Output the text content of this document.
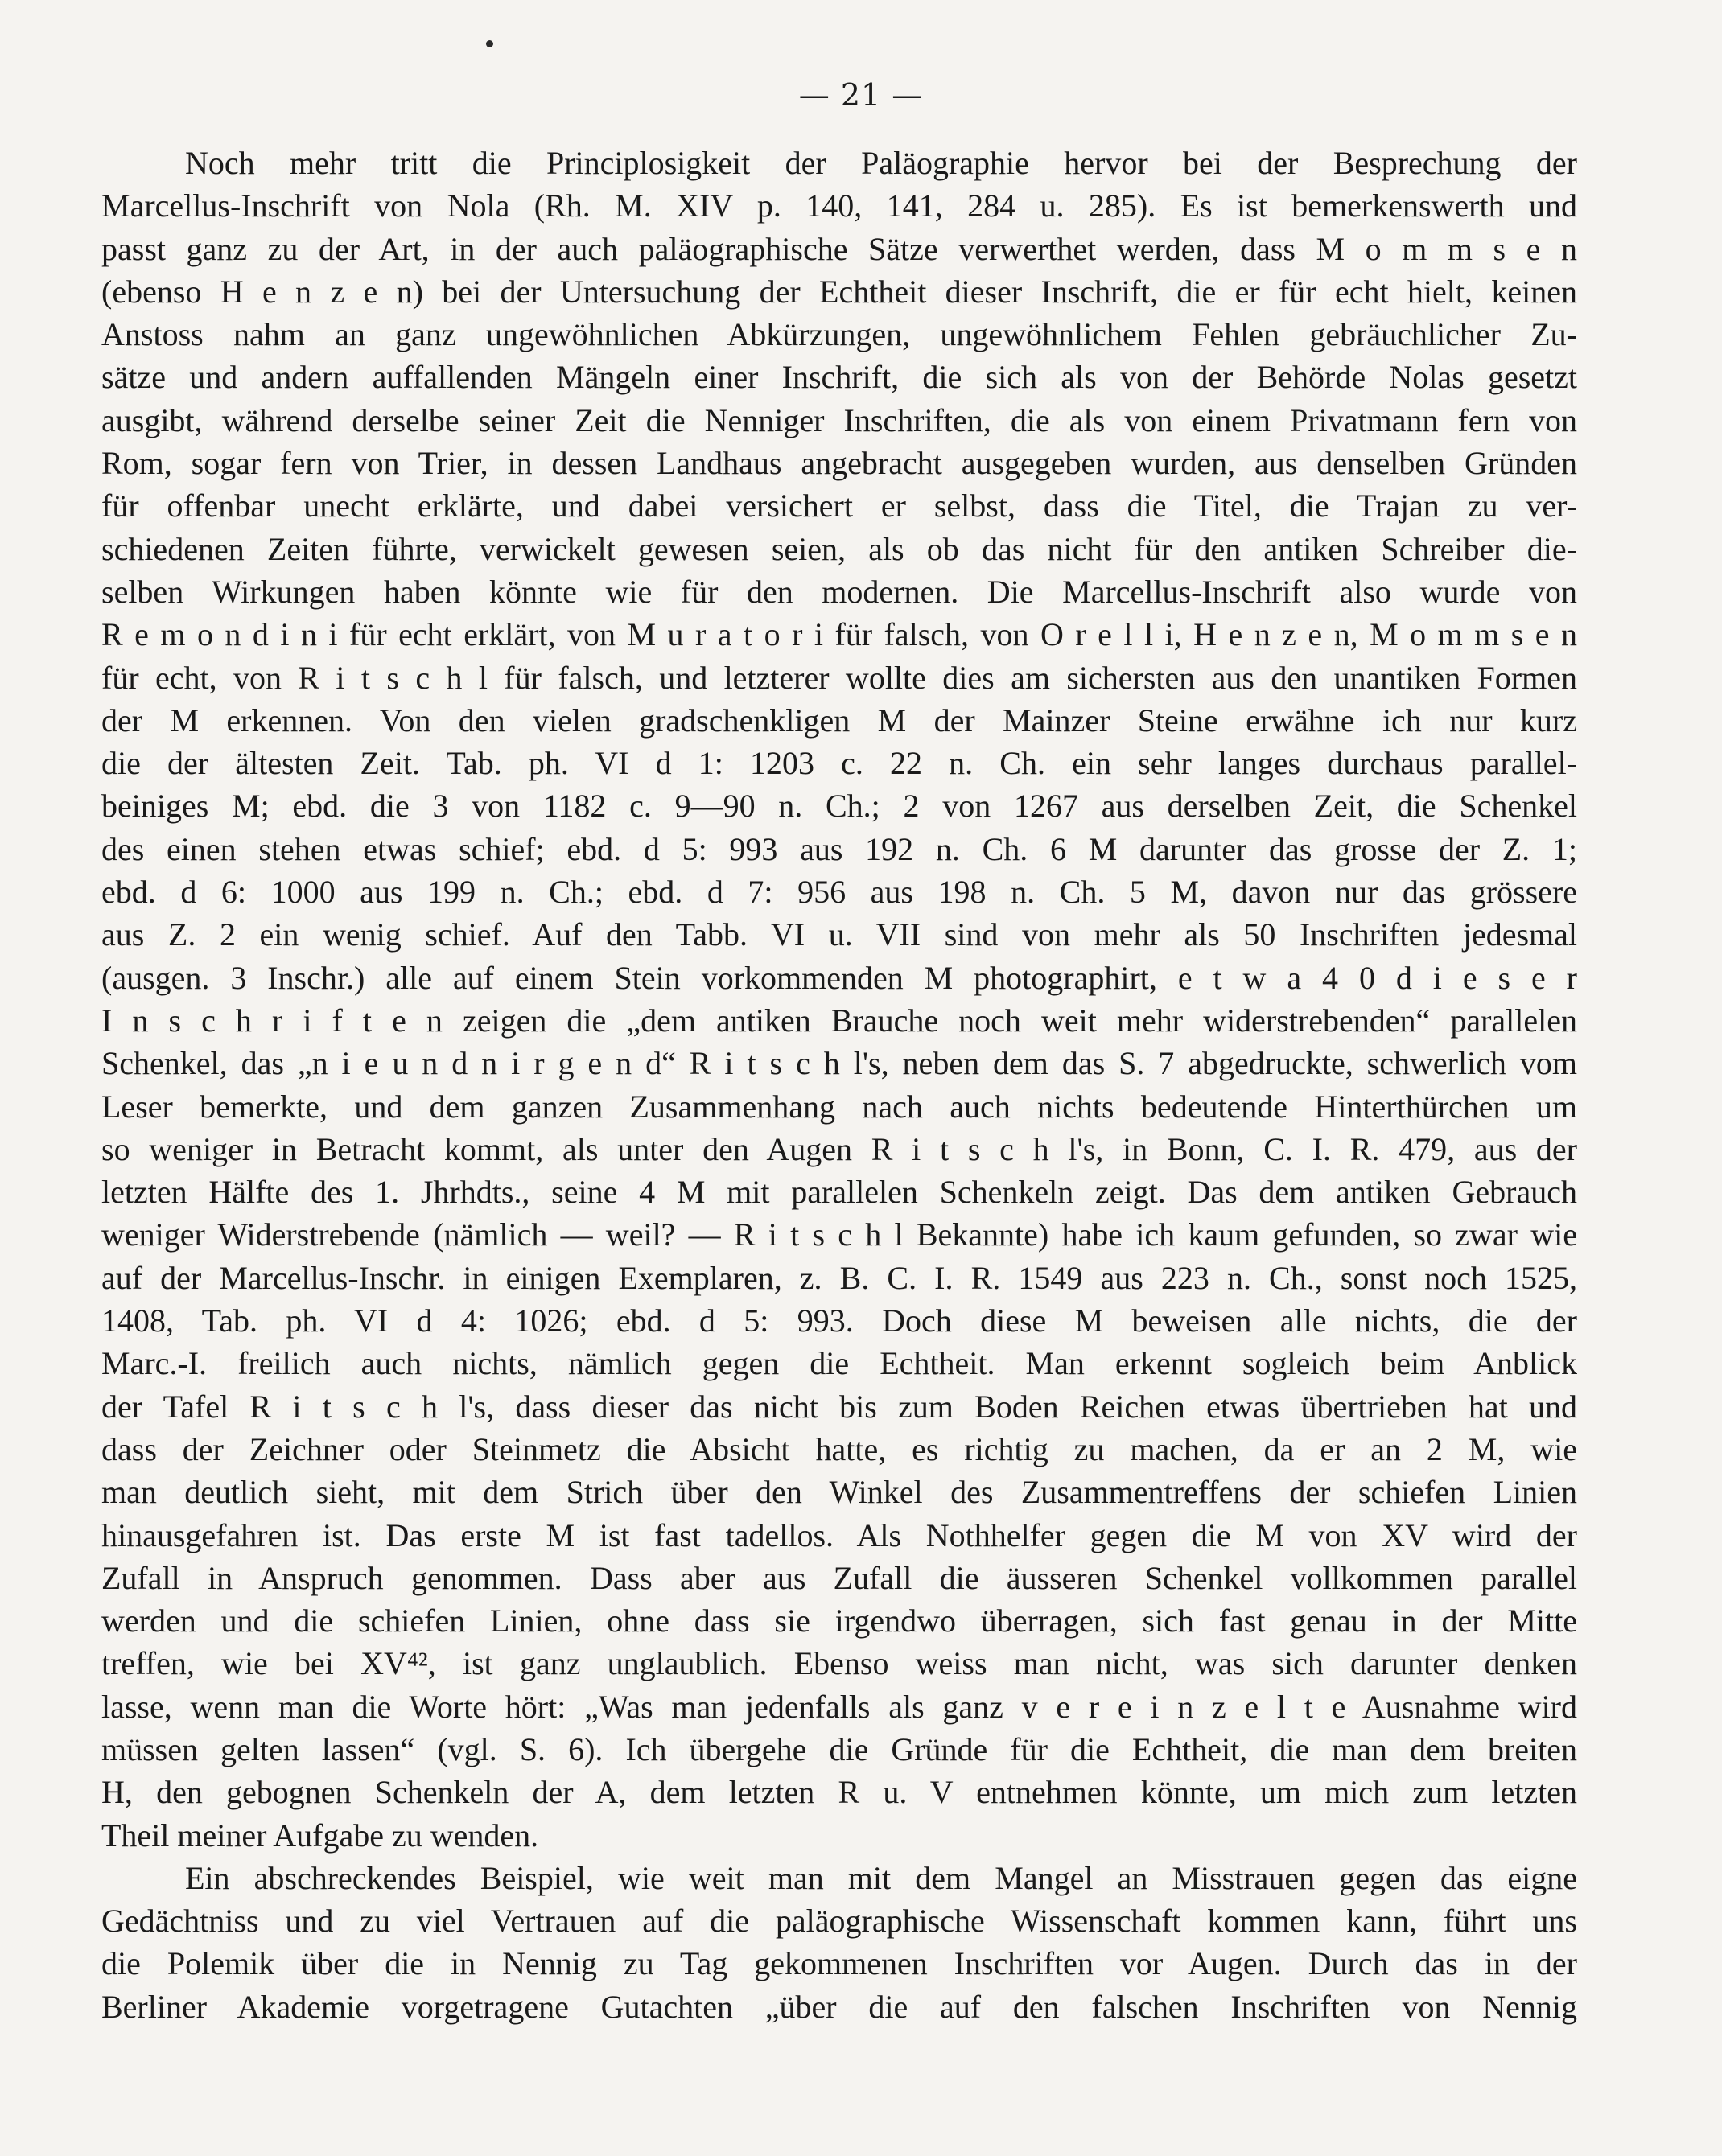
— 21 —
Noch mehr tritt die Principlosigkeit der Paläographie hervor bei der Besprechung der
Marcellus-Inschrift von Nola (Rh. M. XIV p. 140, 141, 284 u. 285). Es ist bemerkenswerth und
passt ganz zu der Art, in der auch paläographische Sätze verwerthet werden, dass M o m m s e n
(ebenso H e n z e n) bei der Untersuchung der Echtheit dieser Inschrift, die er für echt hielt, keinen
Anstoss nahm an ganz ungewöhnlichen Abkürzungen, ungewöhnlichem Fehlen gebräuchlicher Zu-
sätze und andern auffallenden Mängeln einer Inschrift, die sich als von der Behörde Nolas gesetzt
ausgibt, während derselbe seiner Zeit die Nenniger Inschriften, die als von einem Privatmann fern von
Rom, sogar fern von Trier, in dessen Landhaus angebracht ausgegeben wurden, aus denselben Gründen
für offenbar unecht erklärte, und dabei versichert er selbst, dass die Titel, die Trajan zu ver-
schiedenen Zeiten führte, verwickelt gewesen seien, als ob das nicht für den antiken Schreiber die-
selben Wirkungen haben könnte wie für den modernen. Die Marcellus-Inschrift also wurde von
R e m o n d i n i für echt erklärt, von M u r a t o r i für falsch, von O r e l l i, H e n z e n, M o m m s e n
für echt, von R i t s c h l für falsch, und letzterer wollte dies am sichersten aus den unantiken Formen
der M erkennen. Von den vielen gradschenkligen M der Mainzer Steine erwähne ich nur kurz
die der ältesten Zeit. Tab. ph. VI d 1: 1203 c. 22 n. Ch. ein sehr langes durchaus parallel-
beiniges M; ebd. die 3 von 1182 c. 9—90 n. Ch.; 2 von 1267 aus derselben Zeit, die Schenkel
des einen stehen etwas schief; ebd. d 5: 993 aus 192 n. Ch. 6 M darunter das grosse der Z. 1;
ebd. d 6: 1000 aus 199 n. Ch.; ebd. d 7: 956 aus 198 n. Ch. 5 M, davon nur das grössere
aus Z. 2 ein wenig schief. Auf den Tabb. VI u. VII sind von mehr als 50 Inschriften jedesmal
(ausgen. 3 Inschr.) alle auf einem Stein vorkommenden M photographirt, e t w a 4 0 d i e s e r
I n s c h r i f t e n zeigen die „dem antiken Brauche noch weit mehr widerstrebenden“ parallelen
Schenkel, das „n i e u n d n i r g e n d“ R i t s c h l's, neben dem das S. 7 abgedruckte, schwerlich vom
Leser bemerkte, und dem ganzen Zusammenhang nach auch nichts bedeutende Hinterthürchen um
so weniger in Betracht kommt, als unter den Augen R i t s c h l's, in Bonn, C. I. R. 479, aus der
letzten Hälfte des 1. Jhrhdts., seine 4 M mit parallelen Schenkeln zeigt. Das dem antiken Gebrauch
weniger Widerstrebende (nämlich — weil? — R i t s c h l Bekannte) habe ich kaum gefunden, so zwar wie
auf der Marcellus-Inschr. in einigen Exemplaren, z. B. C. I. R. 1549 aus 223 n. Ch., sonst noch 1525,
1408, Tab. ph. VI d 4: 1026; ebd. d 5: 993. Doch diese M beweisen alle nichts, die der
Marc.-I. freilich auch nichts, nämlich gegen die Echtheit. Man erkennt sogleich beim Anblick
der Tafel R i t s c h l's, dass dieser das nicht bis zum Boden Reichen etwas übertrieben hat und
dass der Zeichner oder Steinmetz die Absicht hatte, es richtig zu machen, da er an 2 M, wie
man deutlich sieht, mit dem Strich über den Winkel des Zusammentreffens der schiefen Linien
hinausgefahren ist. Das erste M ist fast tadellos. Als Nothhelfer gegen die M von XV wird der
Zufall in Anspruch genommen. Dass aber aus Zufall die äusseren Schenkel vollkommen parallel
werden und die schiefen Linien, ohne dass sie irgendwo überragen, sich fast genau in der Mitte
treffen, wie bei XV⁴², ist ganz unglaublich. Ebenso weiss man nicht, was sich darunter denken
lasse, wenn man die Worte hört: „Was man jedenfalls als ganz v e r e i n z e l t e Ausnahme wird
müssen gelten lassen“ (vgl. S. 6). Ich übergehe die Gründe für die Echtheit, die man dem breiten
H, den gebognen Schenkeln der A, dem letzten R u. V entnehmen könnte, um mich zum letzten
Theil meiner Aufgabe zu wenden.
Ein abschreckendes Beispiel, wie weit man mit dem Mangel an Misstrauen gegen das eigne
Gedächtniss und zu viel Vertrauen auf die paläographische Wissenschaft kommen kann, führt uns
die Polemik über die in Nennig zu Tag gekommenen Inschriften vor Augen. Durch das in der
Berliner Akademie vorgetragene Gutachten „über die auf den falschen Inschriften von Nennig
